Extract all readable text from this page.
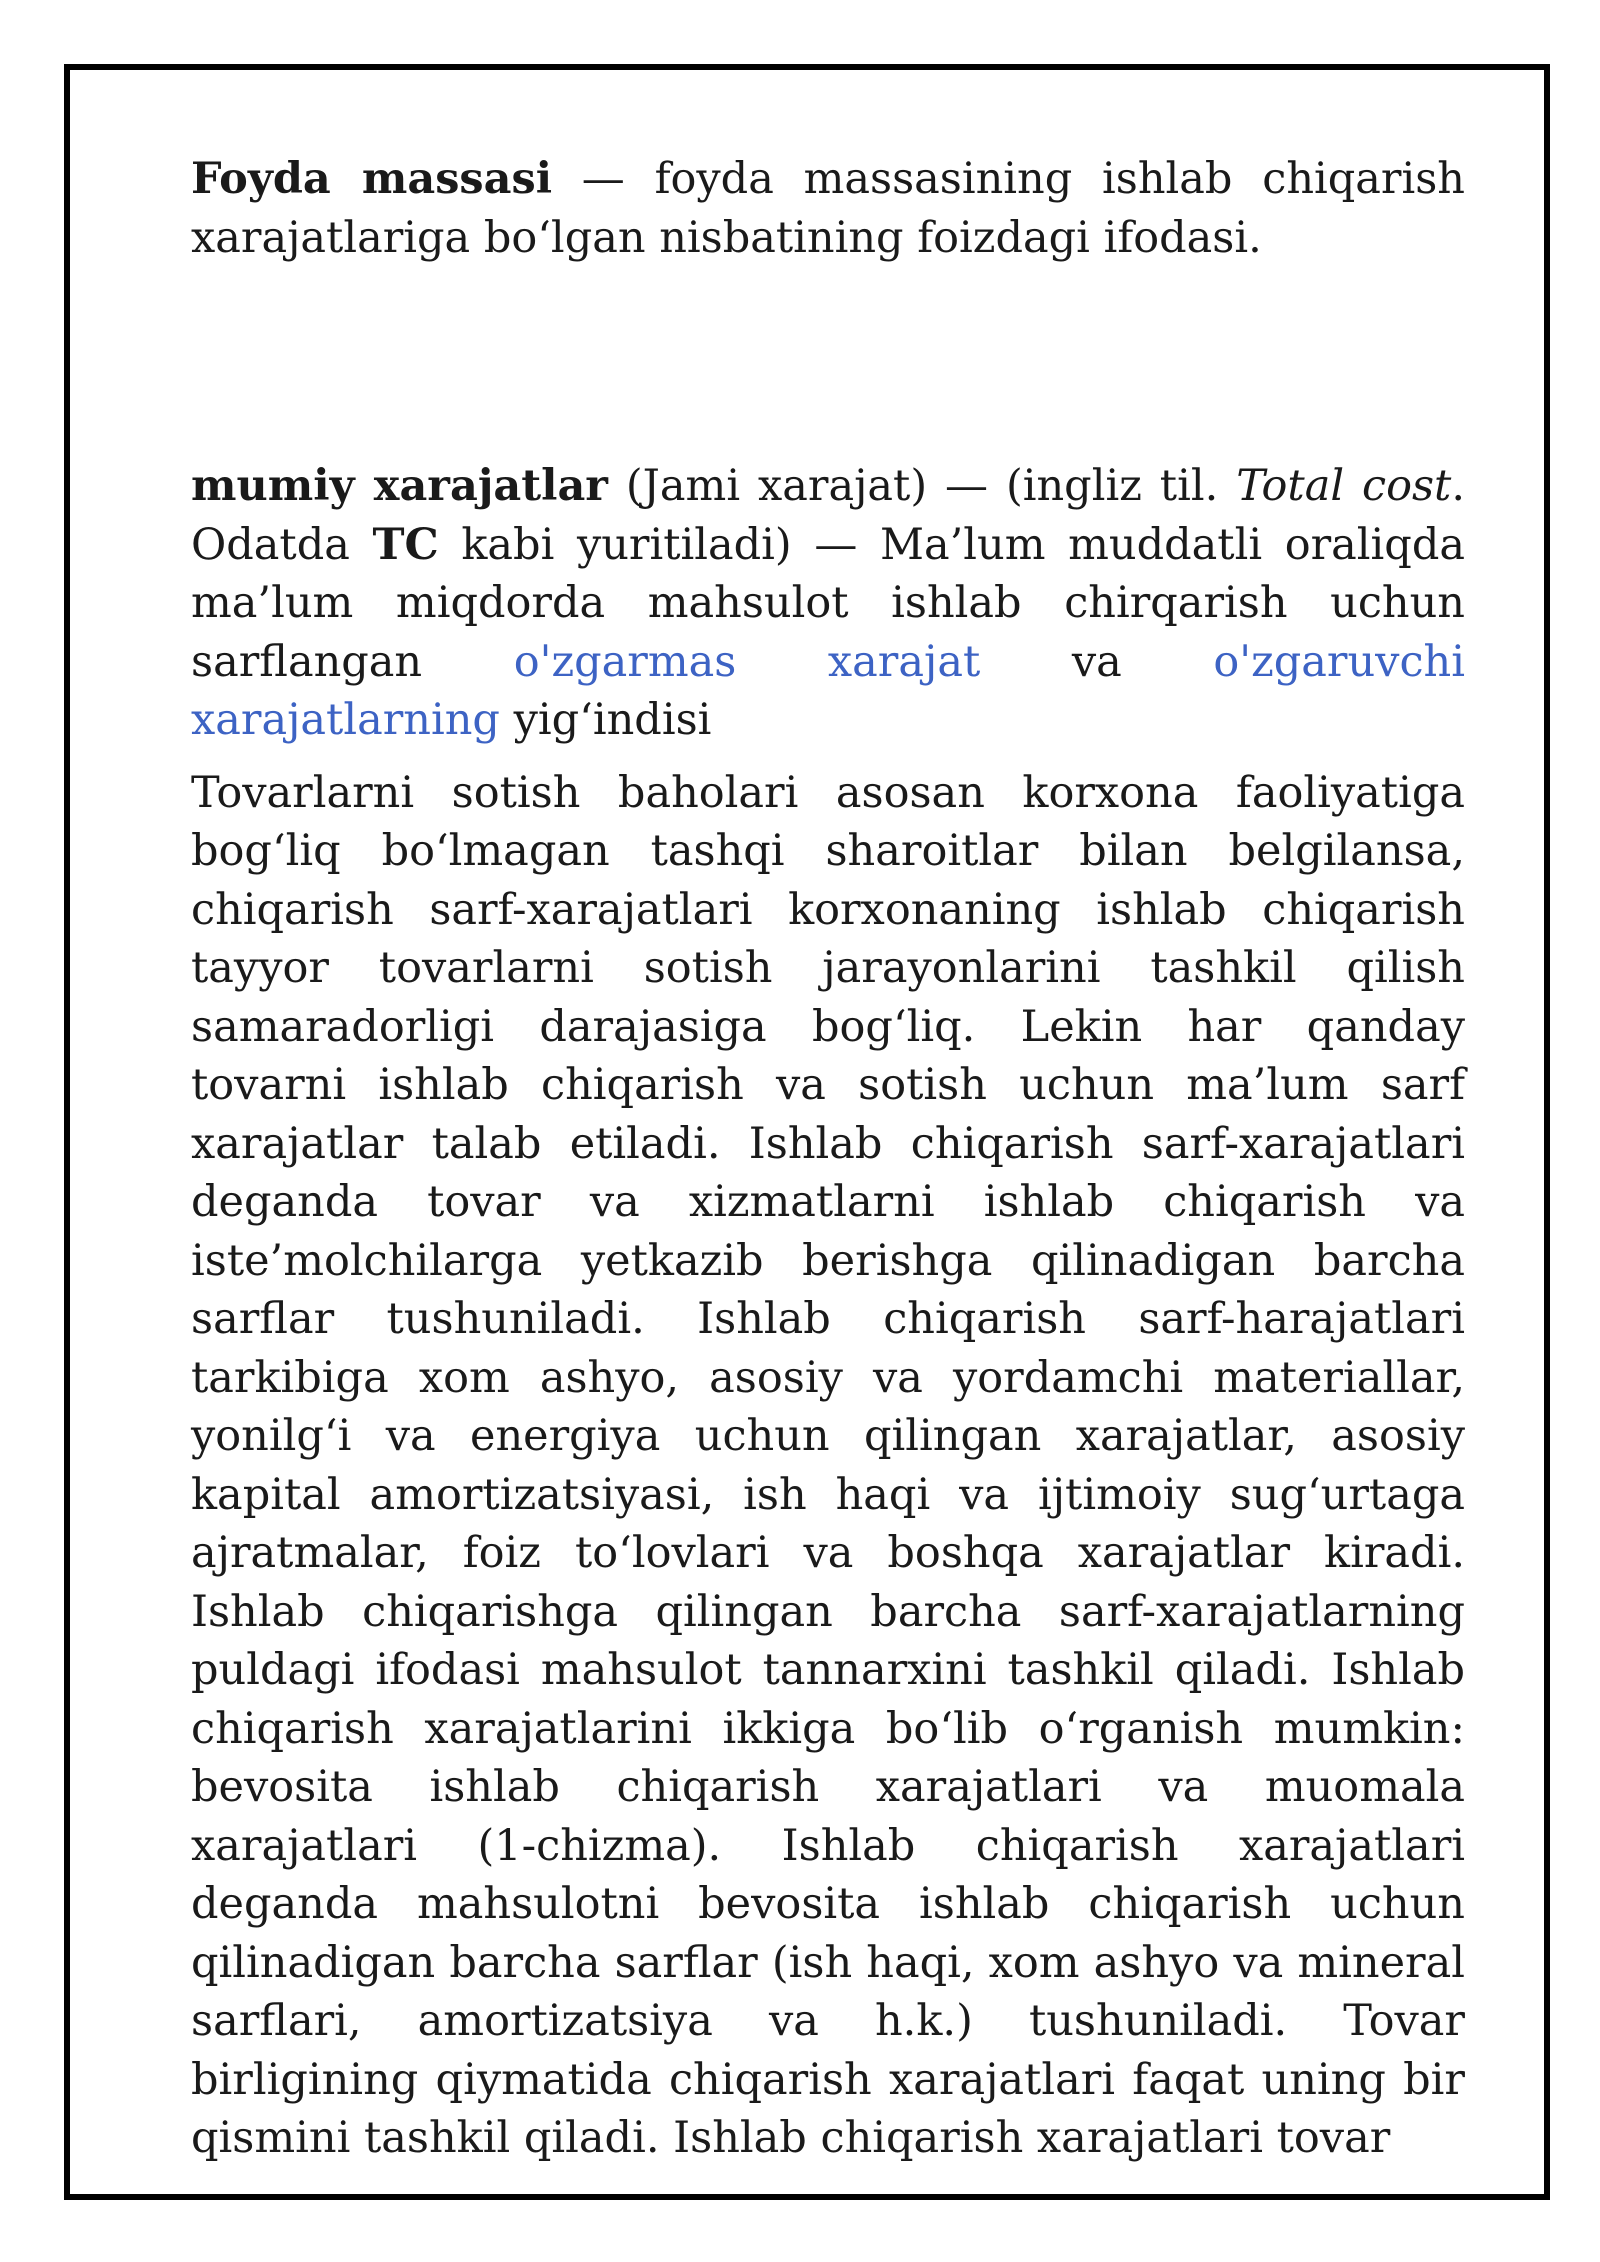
Foyda massasi — foyda massasining ishlab chiqarish xarajatlariga bo‘lgan nisbatining foizdagi ifodasi.

mumiy xarajatlar (Jami xarajat) — (ingliz til. Total cost. Odatda TC kabi yuritiladi) — Ma’lum muddatli oraliqda ma’lum miqdorda mahsulot ishlab chirqarish uchun sarflangan o'zgarmas xarajat va o'zgaruvchi xarajatlarning yig‘indisi

Tovarlarni sotish baholari asosan korxona faoliyatiga bog‘liq bo‘lmagan tashqi sharoitlar bilan belgilansa, chiqarish sarf-xarajatlari korxonaning ishlab chiqarish tayyor tovarlarni sotish jarayonlarini tashkil qilish samaradorligi darajasiga bog‘liq. Lekin har qanday tovarni ishlab chiqarish va sotish uchun ma’lum sarf xarajatlar talab etiladi. Ishlab chiqarish sarf-xarajatlari deganda tovar va xizmatlarni ishlab chiqarish va iste’molchilarga yetkazib berishga qilinadigan barcha sarflar tushuniladi. Ishlab chiqarish sarf-harajatlari tarkibiga xom ashyo, asosiy va yordamchi materiallar, yonilg‘i va energiya uchun qilingan xarajatlar, asosiy kapital amortizatsiyasi, ish haqi va ijtimoiy sug‘urtaga ajratmalar, foiz to‘lovlari va boshqa xarajatlar kiradi. Ishlab chiqarishga qilingan barcha sarf-xarajatlarning puldagi ifodasi mahsulot tannarxini tashkil qiladi. Ishlab chiqarish xarajatlarini ikkiga bo‘lib o‘rganish mumkin: bevosita ishlab chiqarish xarajatlari va muomala xarajatlari (1-chizma). Ishlab chiqarish xarajatlari deganda mahsulotni bevosita ishlab chiqarish uchun qilinadigan barcha sarflar (ish haqi, xom ashyo va mineral sarflari, amortizatsiya va h.k.) tushuniladi. Tovar birligining qiymatida chiqarish xarajatlari faqat uning bir qismini tashkil qiladi. Ishlab chiqarish xarajatlari tovar
